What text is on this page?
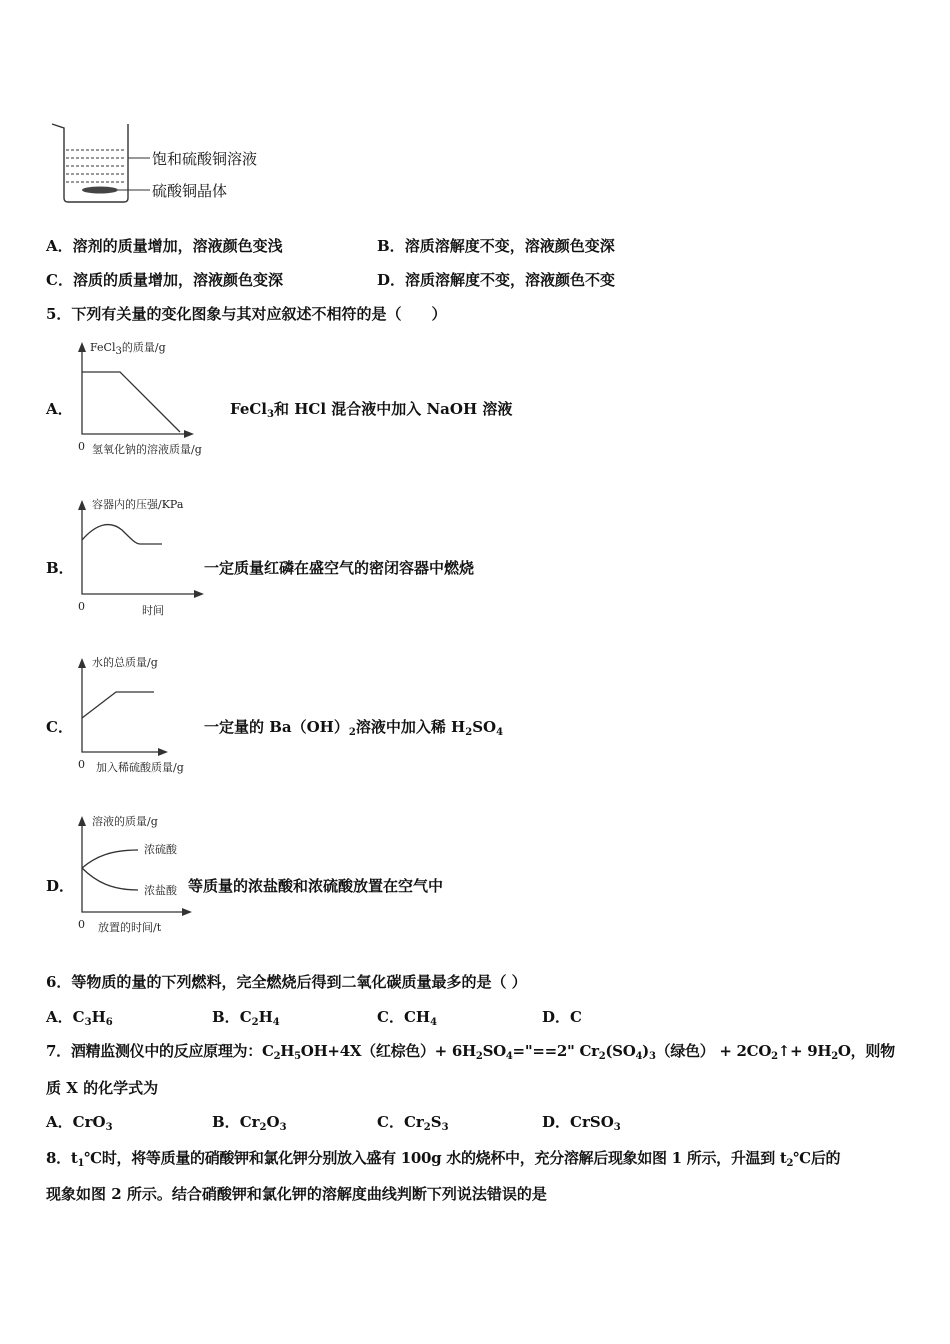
饱和硫酸铜溶液
硫酸铜晶体
A．溶剂的质量增加，溶液颜色变浅	B．溶质溶解度不变，溶液颜色变深
C．溶质的质量增加，溶液颜色变深	D．溶质溶解度不变，溶液颜色不变
5．下列有关量的变化图象与其对应叙述不相符的是（　　）
A．
FeCl$_3$的质量/g
0 氢氧化钠的溶液质量/g
FeCl$_3$和 HCl 混合液中加入 NaOH 溶液
B．
容器内的压强/KPa
0	时间
一定质量红磷在盛空气的密闭容器中燃烧
C．
水的总质量/g
0 加入稀硫酸质量/g
一定量的 $Ba(OH)_2$溶液中加入稀 $H_2SO_4$
D．
溶液的质量/g
浓硫酸
浓盐酸
0 放置的时间/t
等质量的浓盐酸和浓硫酸放置在空气中
6．等物质的量的下列燃料，完全燃烧后得到二氧化碳质量最多的是（ ）
A．$C_3H_6$	B．$C_2H_4$	C．$CH_4$	D．C
7．酒精监测仪中的反应原理为：$C_2H_5OH+4X$（红棕色）+ $6H_2SO_4="==2$" $Cr_2(SO_4)_3$（绿色） + $2CO_2↑+ 9H_2O$，则物
质 X 的化学式为
A．CrO$_3$	B．$Cr_2O_3$	C．$Cr_2S_3$	D．CrSO$_3$
8．$t_1℃$时，将等质量的硝酸钾和氯化钾分别放入盛有 100g 水的烧杯中，充分溶解后现象如图 1 所示，升温到 $t_2℃$后的
现象如图 2 所示。结合硝酸钾和氯化钾的溶解度曲线判断下列说法错误的是
